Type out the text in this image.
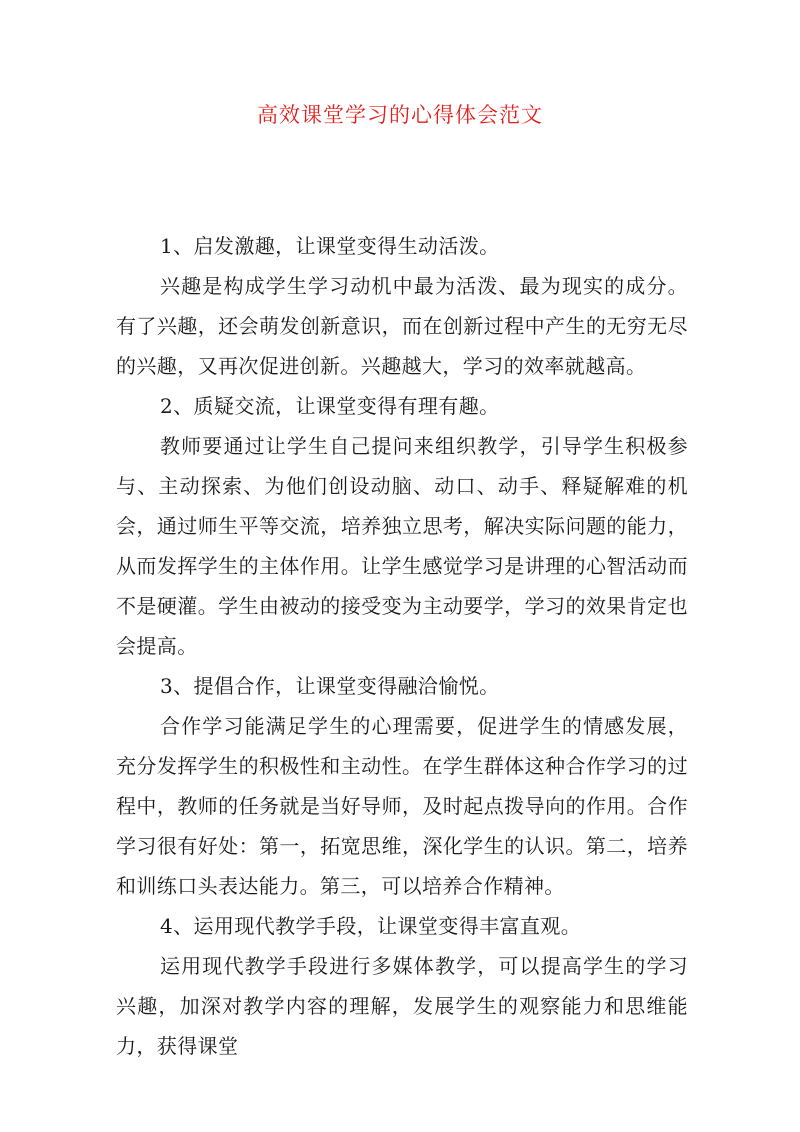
高效课堂学习的心得体会范文

1、启发激趣，让课堂变得生动活泼。

兴趣是构成学生学习动机中最为活泼、最为现实的成分。有了兴趣，还会萌发创新意识，而在创新过程中产生的无穷无尽的兴趣，又再次促进创新。兴趣越大，学习的效率就越高。

2、质疑交流，让课堂变得有理有趣。

教师要通过让学生自己提问来组织教学，引导学生积极参与、主动探索、为他们创设动脑、动口、动手、释疑解难的机会，通过师生平等交流，培养独立思考，解决实际问题的能力，从而发挥学生的主体作用。让学生感觉学习是讲理的心智活动而不是硬灌。学生由被动的接受变为主动要学，学习的效果肯定也会提高。

3、提倡合作，让课堂变得融洽愉悦。

合作学习能满足学生的心理需要，促进学生的情感发展，充分发挥学生的积极性和主动性。在学生群体这种合作学习的过程中，教师的任务就是当好导师，及时起点拨导向的作用。合作学习很有好处：第一，拓宽思维，深化学生的认识。第二，培养和训练口头表达能力。第三，可以培养合作精神。

4、运用现代教学手段，让课堂变得丰富直观。

运用现代教学手段进行多媒体教学，可以提高学生的学习兴趣，加深对教学内容的理解，发展学生的观察能力和思维能力，获得课堂
